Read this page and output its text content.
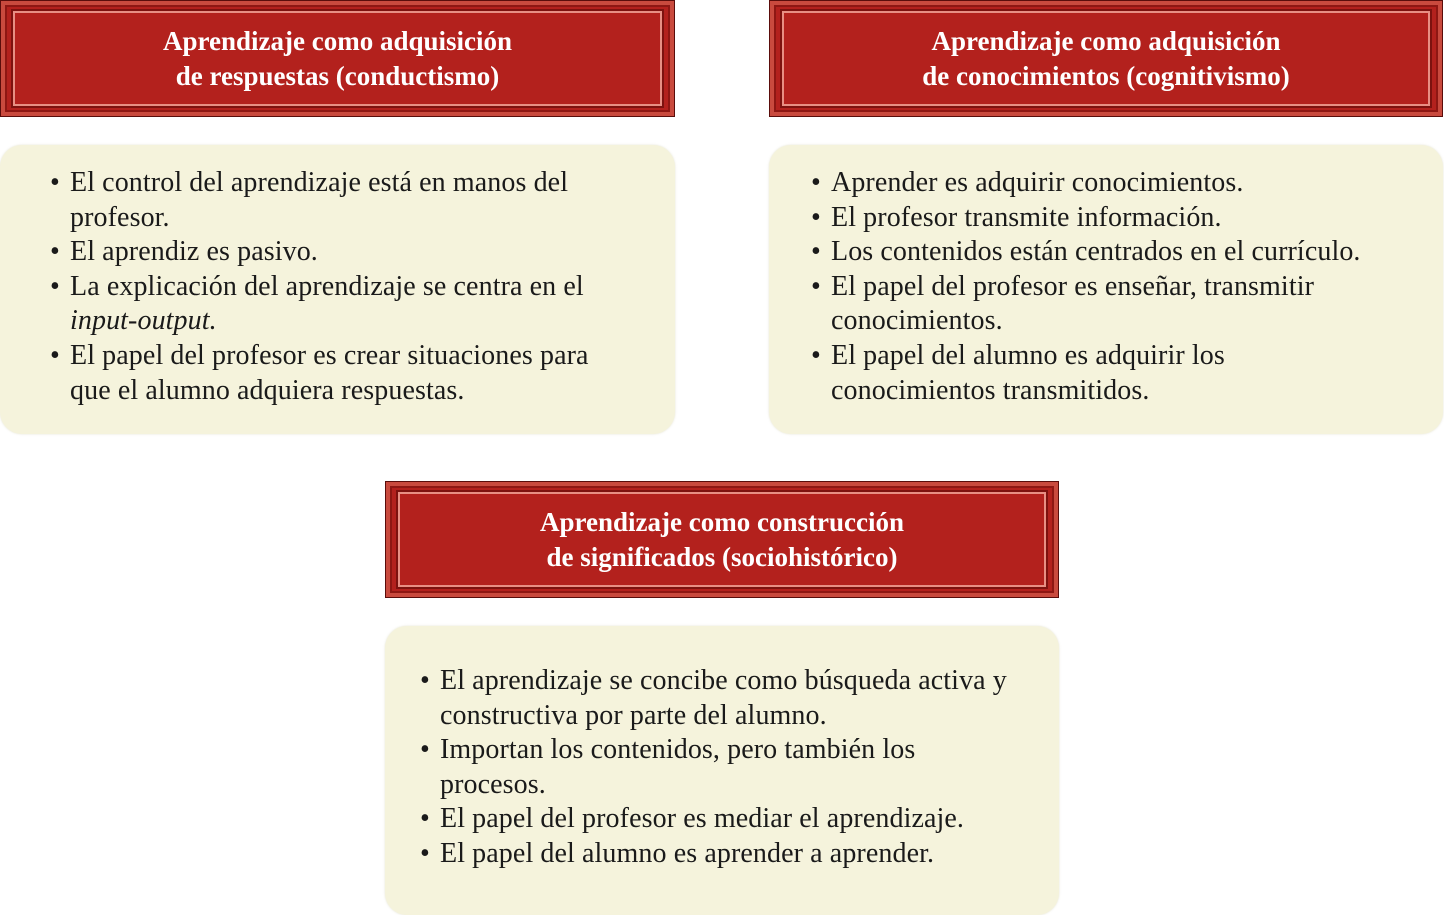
Aprendizaje como adquisición
de respuestas (conductismo)
Aprendizaje como adquisición
de conocimientos (cognitivismo)
• El control del aprendizaje está en manos del profesor.
• El aprendiz es pasivo.
• La explicación del aprendizaje se centra en el
input-output.
• El papel del profesor es crear situaciones para que el alumno adquiera respuestas.
• Aprender es adquirir conocimientos.
• El profesor transmite información.
• Los contenidos están centrados en el currículo.
• El papel del profesor es enseñar, transmitir conocimientos.
• El papel del alumno es adquirir los conocimientos transmitidos.
Aprendizaje como construcción
de significados (sociohistórico)
• El aprendizaje se concibe como búsqueda activa y constructiva por parte del alumno.
• Importan los contenidos, pero también los procesos.
• El papel del profesor es mediar el aprendizaje.
• El papel del alumno es aprender a aprender.
